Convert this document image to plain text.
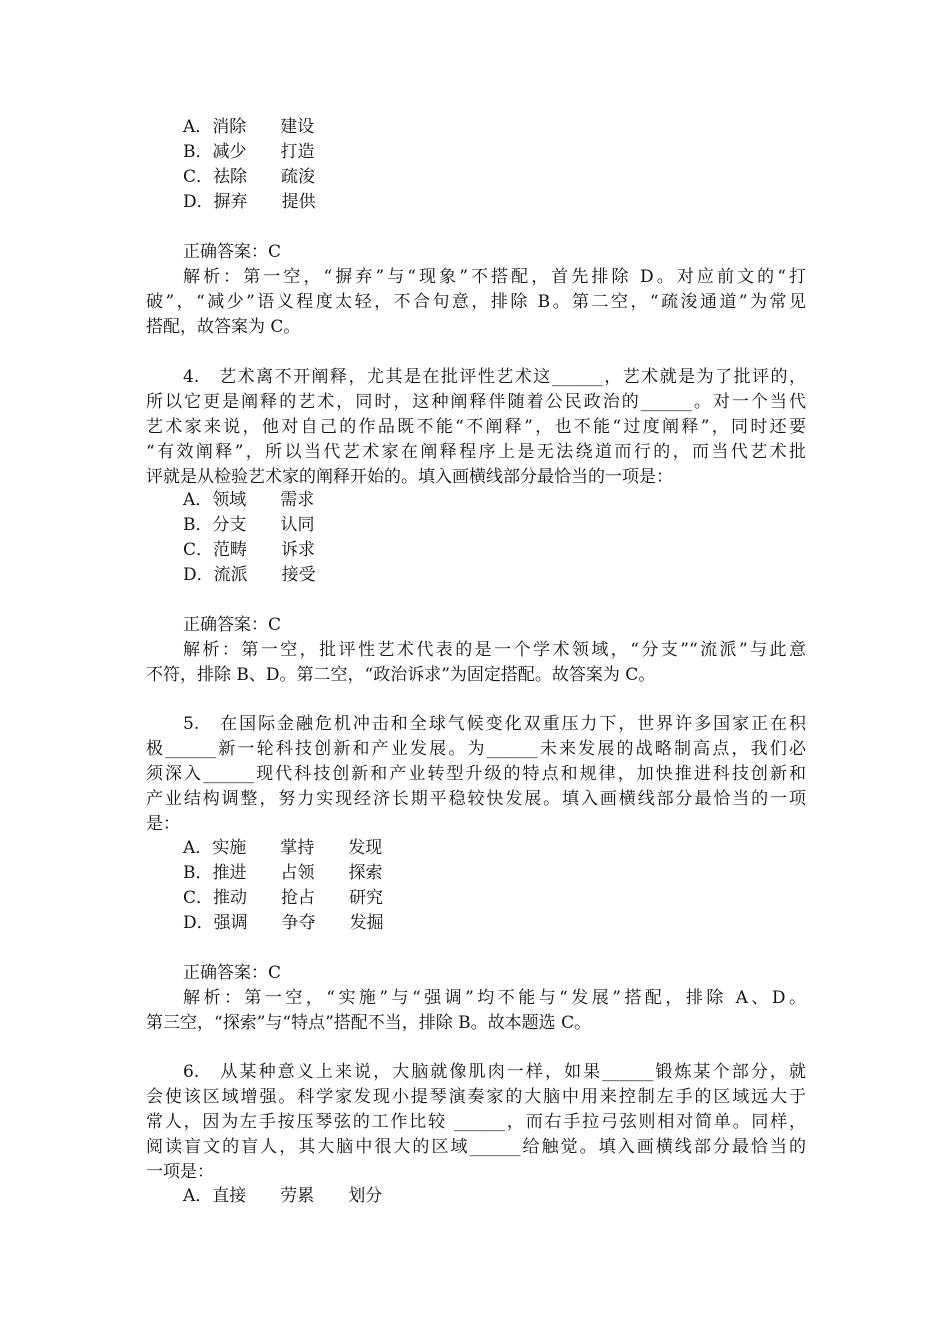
A．消除　　建设
B．减少　　打造
C．祛除　　疏浚
D．摒弃　　提供
正确答案：C
解析：第一空，“摒弃”与“现象”不搭配，首先排除 D。对应前文的“打
破”，“减少”语义程度太轻，不合句意，排除 B。第二空，“疏浚通道”为常见
搭配，故答案为 C。
4.　艺术离不开阐释，尤其是在批评性艺术这______，艺术就是为了批评的，
所以它更是阐释的艺术，同时，这种阐释伴随着公民政治的______。对一个当代
艺术家来说，他对自己的作品既不能“不阐释”，也不能“过度阐释”，同时还要
“有效阐释”，所以当代艺术家在阐释程序上是无法绕道而行的，而当代艺术批
评就是从检验艺术家的阐释开始的。填入画横线部分最恰当的一项是：
A．领域　　需求
B．分支　　认同
C．范畴　　诉求
D．流派　　接受
正确答案：C
解析：第一空，批评性艺术代表的是一个学术领域，“分支”“流派”与此意
不符，排除 B、D。第二空，“政治诉求”为固定搭配。故答案为 C。
5.　在国际金融危机冲击和全球气候变化双重压力下，世界许多国家正在积
极______新一轮科技创新和产业发展。为______未来发展的战略制高点，我们必
须深入______现代科技创新和产业转型升级的特点和规律，加快推进科技创新和
产业结构调整，努力实现经济长期平稳较快发展。填入画横线部分最恰当的一项
是：
A．实施　　掌持　　发现
B．推进　　占领　　探索
C．推动　　抢占　　研究
D．强调　　争夺　　发掘
正确答案：C
解析：第一空，“实施”与“强调”均不能与“发展”搭配，排除 A、D。
第三空，“探索”与“特点”搭配不当，排除 B。故本题选 C。
6.　从某种意义上来说，大脑就像肌肉一样，如果______锻炼某个部分，就
会使该区域增强。科学家发现小提琴演奏家的大脑中用来控制左手的区域远大于
常人，因为左手按压琴弦的工作比较 ______，而右手拉弓弦则相对简单。同样，
阅读盲文的盲人，其大脑中很大的区域______给触觉。填入画横线部分最恰当的
一项是：
A．直接　　劳累　　划分
